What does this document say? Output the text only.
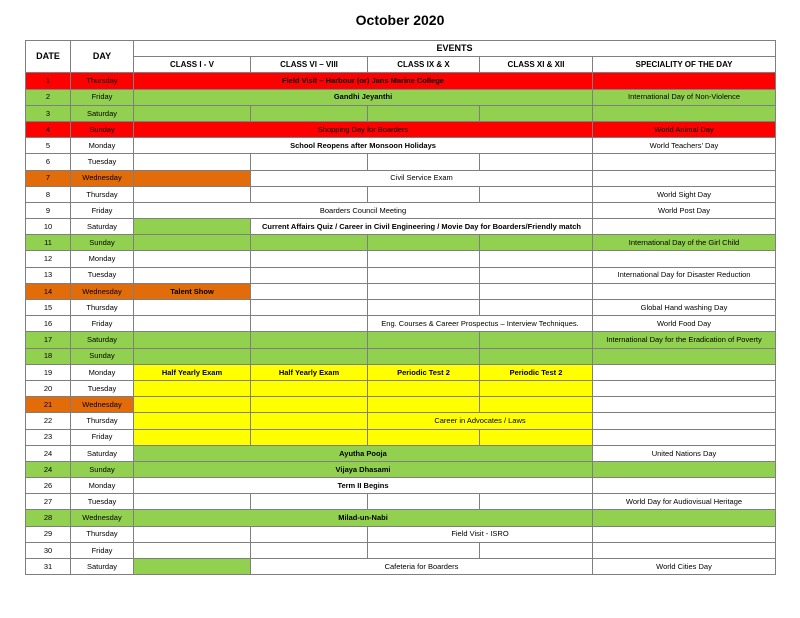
October 2020
DATE	DAY	EVENTS				
		CLASS I - V	CLASS VI – VIII	CLASS IX & X	CLASS XI & XII	SPECIALITY OF THE DAY
1	Thursday	Field Visit – Harbour (or) Jans Marine College				
2	Friday	Gandhi Jeyanthi				International Day of Non-Violence
3	Saturday					
4	Sunday	Shopping Day for Boarders				World Animal Day
5	Monday	School Reopens after Monsoon Holidays				World Teachers’ Day
6	Tuesday					
7	Wednesday		Civil Service Exam			
8	Thursday					World Sight Day
9	Friday	Boarders Council Meeting				World Post Day
10	Saturday		Current Affairs Quiz / Career in Civil Engineering / Movie Day for Boarders/Friendly match			
11	Sunday					International Day of the Girl Child
12	Monday					
13	Tuesday					International Day for Disaster Reduction
14	Wednesday	Talent Show				
15	Thursday					Global Hand washing Day
16	Friday			Eng. Courses & Career Prospectus – Interview Techniques.		World Food Day
17	Saturday					International Day for the Eradication of Poverty
18	Sunday					
19	Monday	Half Yearly Exam	Half Yearly Exam	Periodic Test 2	Periodic Test 2	
20	Tuesday					
21	Wednesday					
22	Thursday			Career in Advocates / Laws		
23	Friday					
24	Saturday	Ayutha Pooja				United Nations Day
24	Sunday	Vijaya Dhasami				
26	Monday	Term II Begins				
27	Tuesday					World Day for Audiovisual Heritage
28	Wednesday	Milad-un-Nabi				
29	Thursday			Field Visit - ISRO		
30	Friday					
31	Saturday		Cafeteria for Boarders			World Cities Day
